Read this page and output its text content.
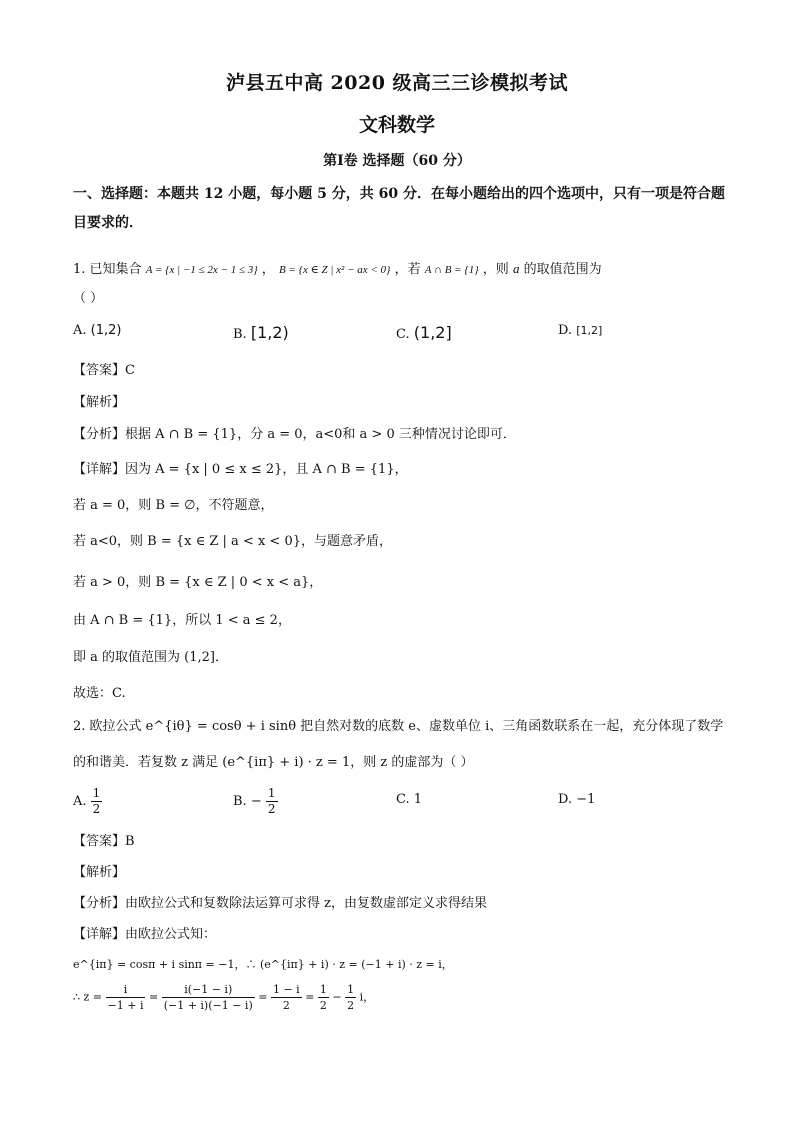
泸县五中高 2020 级高三三诊模拟考试
文科数学
第Ⅰ卷 选择题（60 分）
一、选择题：本题共 12 小题，每小题 5 分，共 60 分．在每小题给出的四个选项中，只有一项是符合题目要求的．
1. 已知集合 A = {x | −1 ≤ 2x − 1 ≤ 3} ， B = {x ∈ Z | x² − ax < 0} ，若 A ∩ B = {1} ，则 a 的取值范围为
（ ）
A. (1,2)	B. [1,2)	C. (1,2]	D. [1,2]
【答案】C
【解析】
【分析】根据 A ∩ B = {1}，分 a = 0，a<0和 a > 0 三种情况讨论即可．
【详解】因为 A = {x | 0 ≤ x ≤ 2}，且 A ∩ B = {1}，
若 a = 0，则 B = ∅，不符题意，
若 a<0，则 B = {x ∈ Z | a < x < 0}，与题意矛盾，
若 a > 0，则 B = {x ∈ Z | 0 < x < a}，
由 A ∩ B = {1}，所以 1 < a ≤ 2，
即 a 的取值范围为 (1,2]．
故选：C.
2. 欧拉公式 e^{iθ} = cosθ + i sinθ 把自然对数的底数 e、虚数单位 i、三角函数联系在一起，充分体现了数学
的和谐美．若复数 z 满足 (e^{iπ} + i) · z = 1，则 z 的虚部为（ ）
A. $\frac{1}{2}$	B. − $\frac{1}{2}$	C. 1	D. −1
【答案】B
【解析】
【分析】由欧拉公式和复数除法运算可求得 z，由复数虚部定义求得结果
【详解】由欧拉公式知：
e^{iπ} = cosπ + i sinπ = −1，∴ (e^{iπ} + i) · z = (−1 + i) · z = i，
∴ $z = \frac{i}{-1 + i} = \frac{i(-1 - i)}{(-1 + i)(-1 - i)} = \frac{1 - i}{2} = \frac{1}{2} - \frac{1}{2}$ i，
